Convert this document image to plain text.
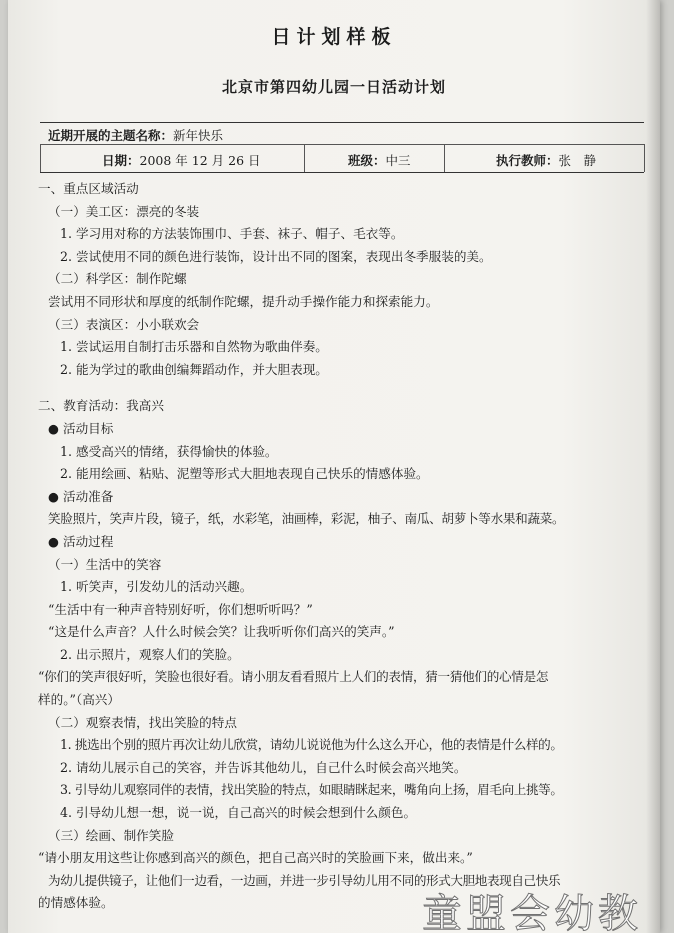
日计划样板
北京市第四幼儿园一日活动计划
近期开展的主题名称：新年快乐
日期：2008 年 12 月 26 日	班级：中三	执行教师：张　静
一、重点区域活动
（一）美工区：漂亮的冬装
1. 学习用对称的方法装饰围巾、手套、袜子、帽子、毛衣等。
2. 尝试使用不同的颜色进行装饰，设计出不同的图案，表现出冬季服装的美。
（二）科学区：制作陀螺
尝试用不同形状和厚度的纸制作陀螺，提升动手操作能力和探索能力。
（三）表演区：小小联欢会
1. 尝试运用自制打击乐器和自然物为歌曲伴奏。
2. 能为学过的歌曲创编舞蹈动作，并大胆表现。
二、教育活动：我高兴
● 活动目标
1. 感受高兴的情绪，获得愉快的体验。
2. 能用绘画、粘贴、泥塑等形式大胆地表现自己快乐的情感体验。
● 活动准备
笑脸照片，笑声片段，镜子，纸，水彩笔，油画棒，彩泥，柚子、南瓜、胡萝卜等水果和蔬菜。
● 活动过程
（一）生活中的笑容
1. 听笑声，引发幼儿的活动兴趣。
“生活中有一种声音特别好听，你们想听听吗？”
“这是什么声音？人什么时候会笑？让我听听你们高兴的笑声。”
2. 出示照片，观察人们的笑脸。
“你们的笑声很好听，笑脸也很好看。请小朋友看看照片上人们的表情，猜一猜他们的心情是怎
样的。”（高兴）
（二）观察表情，找出笑脸的特点
1. 挑选出个别的照片再次让幼儿欣赏，请幼儿说说他为什么这么开心，他的表情是什么样的。
2. 请幼儿展示自己的笑容，并告诉其他幼儿，自己什么时候会高兴地笑。
3. 引导幼儿观察同伴的表情，找出笑脸的特点，如眼睛眯起来，嘴角向上扬，眉毛向上挑等。
4. 引导幼儿想一想，说一说，自己高兴的时候会想到什么颜色。
（三）绘画、制作笑脸
“请小朋友用这些让你感到高兴的颜色，把自己高兴时的笑脸画下来，做出来。”
为幼儿提供镜子，让他们一边看，一边画，并进一步引导幼儿用不同的形式大胆地表现自己快乐
的情感体验。	童盟会幼教
